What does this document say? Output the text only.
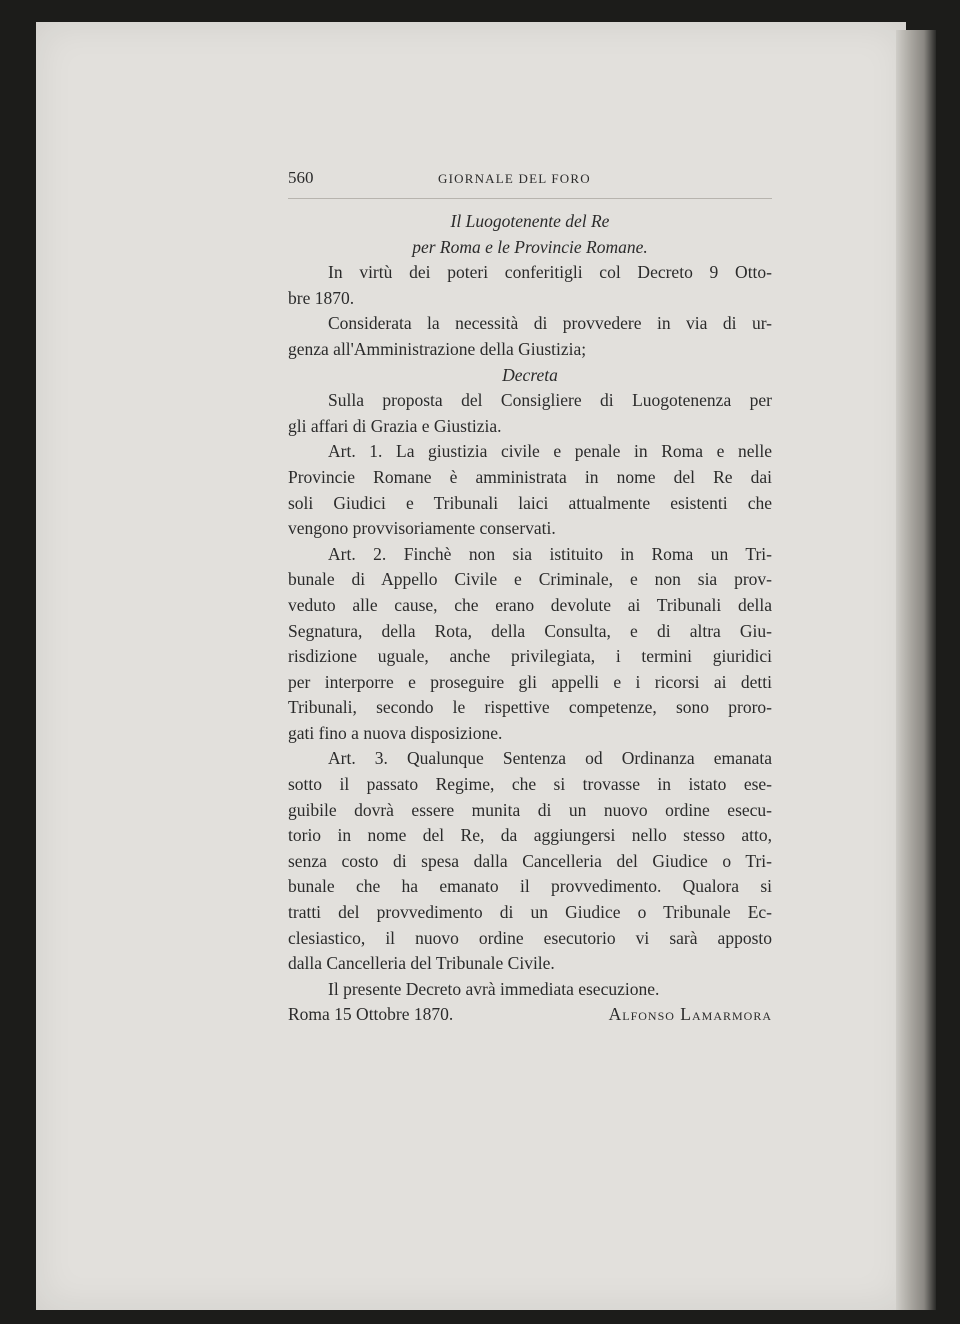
560	GIORNALE DEL FORO
Il Luogotenente del Re
per Roma e le Provincie Romane.
In virtù dei poteri conferitigli col Decreto 9 Otto-
bre 1870.
Considerata la necessità di provvedere in via di ur-
genza all'Amministrazione della Giustizia;
Decreta
Sulla proposta del Consigliere di Luogotenenza per
gli affari di Grazia e Giustizia.
Art. 1. La giustizia civile e penale in Roma e nelle
Provincie Romane è amministrata in nome del Re dai
soli Giudici e Tribunali laici attualmente esistenti che
vengono provvisoriamente conservati.
Art. 2. Finchè non sia istituito in Roma un Tri-
bunale di Appello Civile e Criminale, e non sia prov-
veduto alle cause, che erano devolute ai Tribunali della
Segnatura, della Rota, della Consulta, e di altra Giu-
risdizione uguale, anche privilegiata, i termini giuridici
per interporre e proseguire gli appelli e i ricorsi ai detti
Tribunali, secondo le rispettive competenze, sono proro-
gati fino a nuova disposizione.
Art. 3. Qualunque Sentenza od Ordinanza emanata
sotto il passato Regime, che si trovasse in istato ese-
guibile dovrà essere munita di un nuovo ordine esecu-
torio in nome del Re, da aggiungersi nello stesso atto,
senza costo di spesa dalla Cancelleria del Giudice o Tri-
bunale che ha emanato il provvedimento. Qualora si
tratti del provvedimento di un Giudice o Tribunale Ec-
clesiastico, il nuovo ordine esecutorio vi sarà apposto
dalla Cancelleria del Tribunale Civile.
Il presente Decreto avrà immediata esecuzione.
Roma 15 Ottobre 1870.	Alfonso Lamarmora
